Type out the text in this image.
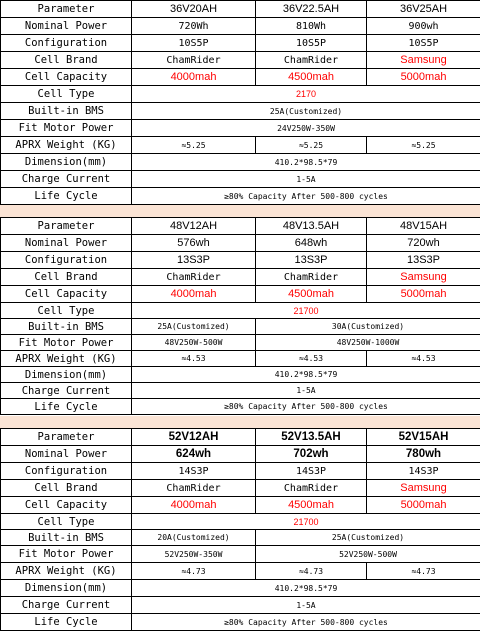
Parameter	36V20AH	36V22.5AH	36V25AH
Nominal Power	720Wh	810Wh	900wh
Configuration	10S5P	10S5P	10S5P
Cell Brand	ChamRider	ChamRider	Samsung
Cell Capacity	4000mah	4500mah	5000mah
Cell Type	2170		
Built-in BMS	25A(Customized)		
Fit Motor Power	24V250W-350W		
APRX Weight (KG)	≈5.25	≈5.25	≈5.25
Dimension(mm)	410.2*98.5*79		
Charge Current	1-5A		
Life Cycle	≥80% Capacity After 500-800 cycles		
Parameter	48V12AH	48V13.5AH	48V15AH
Nominal Power	576wh	648wh	720wh
Configuration	13S3P	13S3P	13S3P
Cell Brand	ChamRider	ChamRider	Samsung
Cell Capacity	4000mah	4500mah	5000mah
Cell Type	21700		
Built-in BMS	25A(Customized)	30A(Customized)	
Fit Motor Power	48V250W-500W	48V250W-1000W	
APRX Weight (KG)	≈4.53	≈4.53	≈4.53
Dimension(mm)	410.2*98.5*79		
Charge Current	1-5A		
Life Cycle	≥80% Capacity After 500-800 cycles		
Parameter	52V12AH	52V13.5AH	52V15AH
Nominal Power	624wh	702wh	780wh
Configuration	14S3P	14S3P	14S3P
Cell Brand	ChamRider	ChamRider	Samsung
Cell Capacity	4000mah	4500mah	5000mah
Cell Type	21700		
Built-in BMS	20A(Customized)	25A(Customized)	
Fit Motor Power	52V250W-350W	52V250W-500W	
APRX Weight (KG)	≈4.73	≈4.73	≈4.73
Dimension(mm)	410.2*98.5*79		
Charge Current	1-5A		
Life Cycle	≥80% Capacity After 500-800 cycles		
